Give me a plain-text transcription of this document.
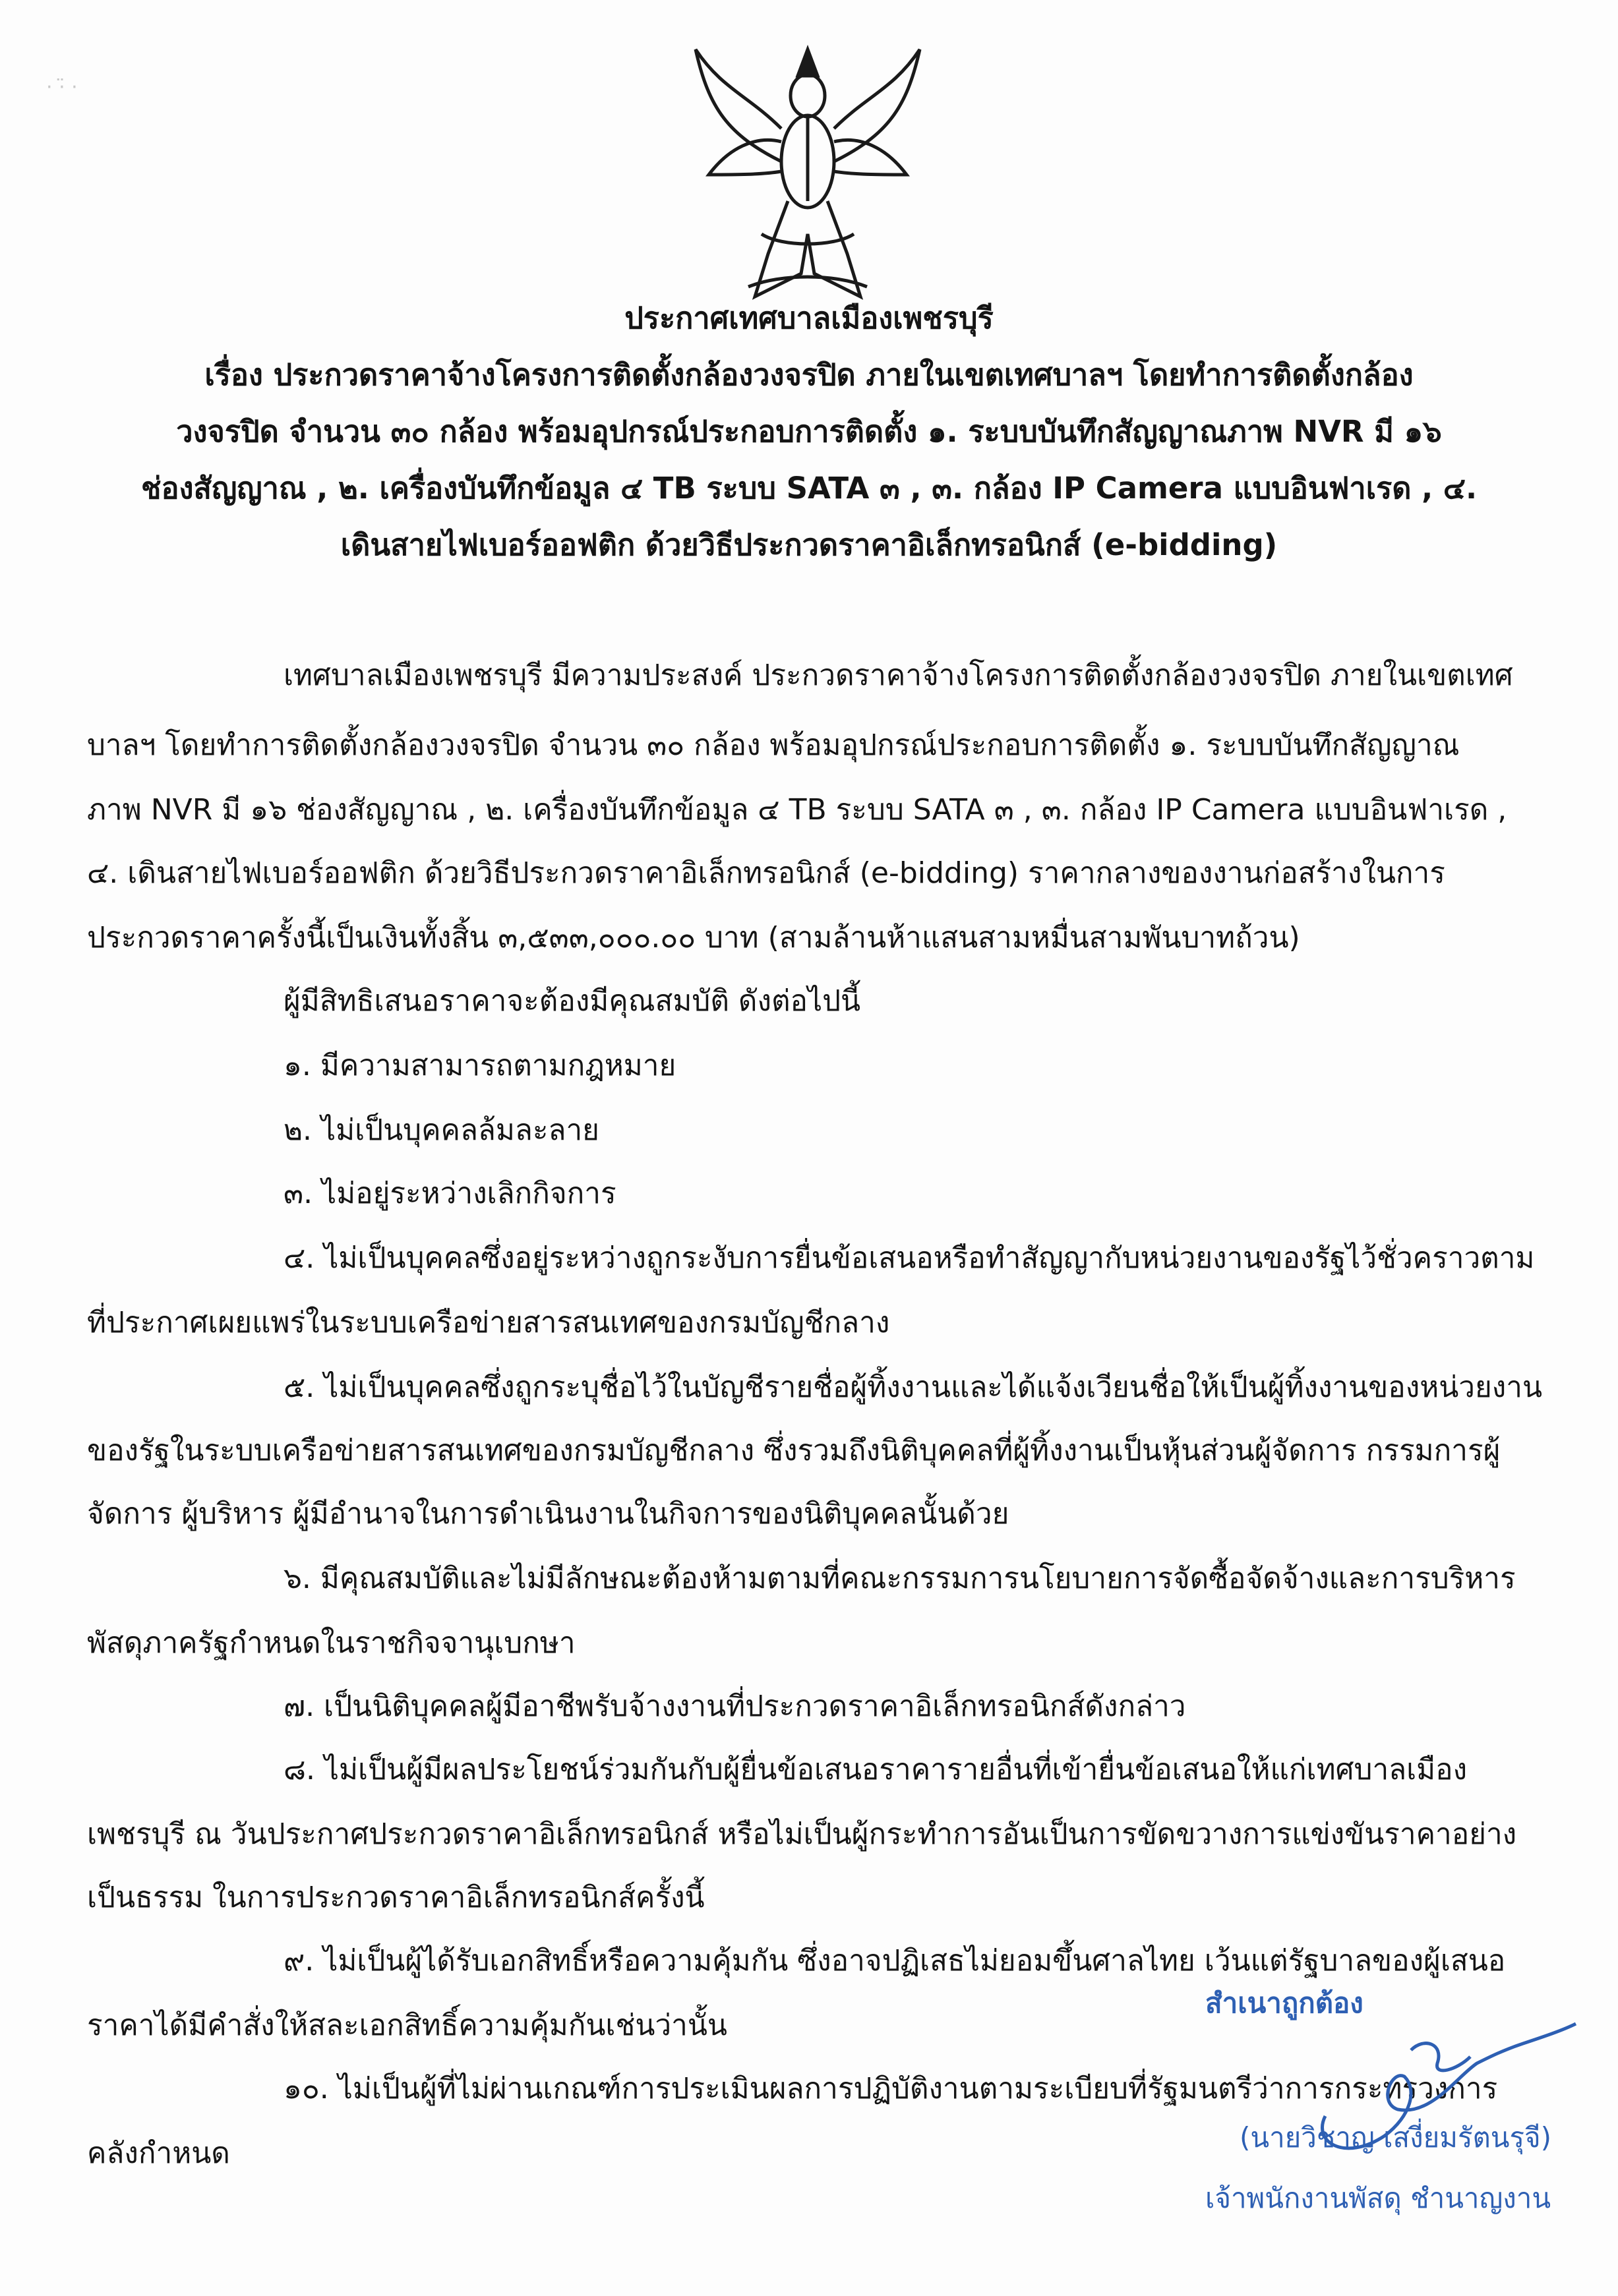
· ·̈ ·
ประกาศเทศบาลเมืองเพชรบุรี
เรื่อง ประกวดราคาจ้างโครงการติดตั้งกล้องวงจรปิด ภายในเขตเทศบาลฯ โดยทำการติดตั้งกล้อง
วงจรปิด จำนวน ๓๐ กล้อง พร้อมอุปกรณ์ประกอบการติดตั้ง ๑. ระบบบันทึกสัญญาณภาพ NVR มี ๑๖
ช่องสัญญาณ , ๒. เครื่องบันทึกข้อมูล ๔ TB ระบบ SATA ๓ , ๓. กล้อง IP Camera แบบอินฟาเรด , ๔.
เดินสายไฟเบอร์ออฟติก ด้วยวิธีประกวดราคาอิเล็กทรอนิกส์ (e-bidding)
เทศบาลเมืองเพชรบุรี มีความประสงค์ ประกวดราคาจ้างโครงการติดตั้งกล้องวงจรปิด ภายในเขตเทศ
บาลฯ โดยทำการติดตั้งกล้องวงจรปิด จำนวน ๓๐ กล้อง พร้อมอุปกรณ์ประกอบการติดตั้ง ๑. ระบบบันทึกสัญญาณ
ภาพ NVR มี ๑๖ ช่องสัญญาณ , ๒. เครื่องบันทึกข้อมูล ๔ TB ระบบ SATA ๓ , ๓. กล้อง IP Camera แบบอินฟาเรด ,
๔. เดินสายไฟเบอร์ออฟติก ด้วยวิธีประกวดราคาอิเล็กทรอนิกส์ (e-bidding) ราคากลางของงานก่อสร้างในการ
ประกวดราคาครั้งนี้เป็นเงินทั้งสิ้น ๓,๕๓๓,๐๐๐.๐๐ บาท (สามล้านห้าแสนสามหมื่นสามพันบาทถ้วน)
ผู้มีสิทธิเสนอราคาจะต้องมีคุณสมบัติ ดังต่อไปนี้
๑. มีความสามารถตามกฎหมาย
๒. ไม่เป็นบุคคลล้มละลาย
๓. ไม่อยู่ระหว่างเลิกกิจการ
๔. ไม่เป็นบุคคลซึ่งอยู่ระหว่างถูกระงับการยื่นข้อเสนอหรือทำสัญญากับหน่วยงานของรัฐไว้ชั่วคราวตาม
ที่ประกาศเผยแพร่ในระบบเครือข่ายสารสนเทศของกรมบัญชีกลาง
๕. ไม่เป็นบุคคลซึ่งถูกระบุชื่อไว้ในบัญชีรายชื่อผู้ทิ้งงานและได้แจ้งเวียนชื่อให้เป็นผู้ทิ้งงานของหน่วยงาน
ของรัฐในระบบเครือข่ายสารสนเทศของกรมบัญชีกลาง ซึ่งรวมถึงนิติบุคคลที่ผู้ทิ้งงานเป็นหุ้นส่วนผู้จัดการ กรรมการผู้
จัดการ ผู้บริหาร ผู้มีอำนาจในการดำเนินงานในกิจการของนิติบุคคลนั้นด้วย
๖. มีคุณสมบัติและไม่มีลักษณะต้องห้ามตามที่คณะกรรมการนโยบายการจัดซื้อจัดจ้างและการบริหาร
พัสดุภาครัฐกำหนดในราชกิจจานุเบกษา
๗. เป็นนิติบุคคลผู้มีอาชีพรับจ้างงานที่ประกวดราคาอิเล็กทรอนิกส์ดังกล่าว
๘. ไม่เป็นผู้มีผลประโยชน์ร่วมกันกับผู้ยื่นข้อเสนอราคารายอื่นที่เข้ายื่นข้อเสนอให้แก่เทศบาลเมือง
เพชรบุรี ณ วันประกาศประกวดราคาอิเล็กทรอนิกส์ หรือไม่เป็นผู้กระทำการอันเป็นการขัดขวางการแข่งขันราคาอย่าง
เป็นธรรม ในการประกวดราคาอิเล็กทรอนิกส์ครั้งนี้
๙. ไม่เป็นผู้ได้รับเอกสิทธิ์หรือความคุ้มกัน ซึ่งอาจปฏิเสธไม่ยอมขึ้นศาลไทย เว้นแต่รัฐบาลของผู้เสนอ
ราคาได้มีคำสั่งให้สละเอกสิทธิ์ความคุ้มกันเช่นว่านั้น
๑๐. ไม่เป็นผู้ที่ไม่ผ่านเกณฑ์การประเมินผลการปฏิบัติงานตามระเบียบที่รัฐมนตรีว่าการกระทรวงการ
คลังกำหนด
สำเนาถูกต้อง
(นายวิชาญ เสงี่ยมรัตนรุจี)
เจ้าพนักงานพัสดุ ชำนาญงาน
